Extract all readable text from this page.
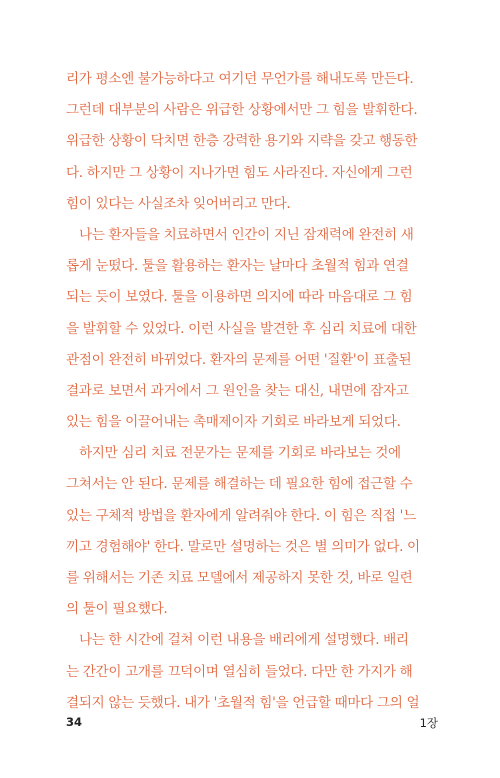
리가 평소엔 불가능하다고 여기던 무언가를 해내도록 만든다.
그런데 대부분의 사람은 위급한 상황에서만 그 힘을 발휘한다.
위급한 상황이 닥치면 한층 강력한 용기와 지략을 갖고 행동한
다. 하지만 그 상황이 지나가면 힘도 사라진다. 자신에게 그런
힘이 있다는 사실조차 잊어버리고 만다.
나는 환자들을 치료하면서 인간이 지닌 잠재력에 완전히 새
롭게 눈떴다. 툴을 활용하는 환자는 날마다 초월적 힘과 연결
되는 듯이 보였다. 툴을 이용하면 의지에 따라 마음대로 그 힘
을 발휘할 수 있었다. 이런 사실을 발견한 후 심리 치료에 대한
관점이 완전히 바뀌었다. 환자의 문제를 어떤 '질환'이 표출된
결과로 보면서 과거에서 그 원인을 찾는 대신, 내면에 잠자고
있는 힘을 이끌어내는 촉매제이자 기회로 바라보게 되었다.
하지만 심리 치료 전문가는 문제를 기회로 바라보는 것에
그쳐서는 안 된다. 문제를 해결하는 데 필요한 힘에 접근할 수
있는 구체적 방법을 환자에게 알려줘야 한다. 이 힘은 직접 '느
끼고 경험해야' 한다. 말로만 설명하는 것은 별 의미가 없다. 이
를 위해서는 기존 치료 모델에서 제공하지 못한 것, 바로 일련
의 툴이 필요했다.
나는 한 시간에 걸쳐 이런 내용을 배리에게 설명했다. 배리
는 간간이 고개를 끄덕이며 열심히 들었다. 다만 한 가지가 해
결되지 않는 듯했다. 내가 '초월적 힘'을 언급할 때마다 그의 얼
34	1장
